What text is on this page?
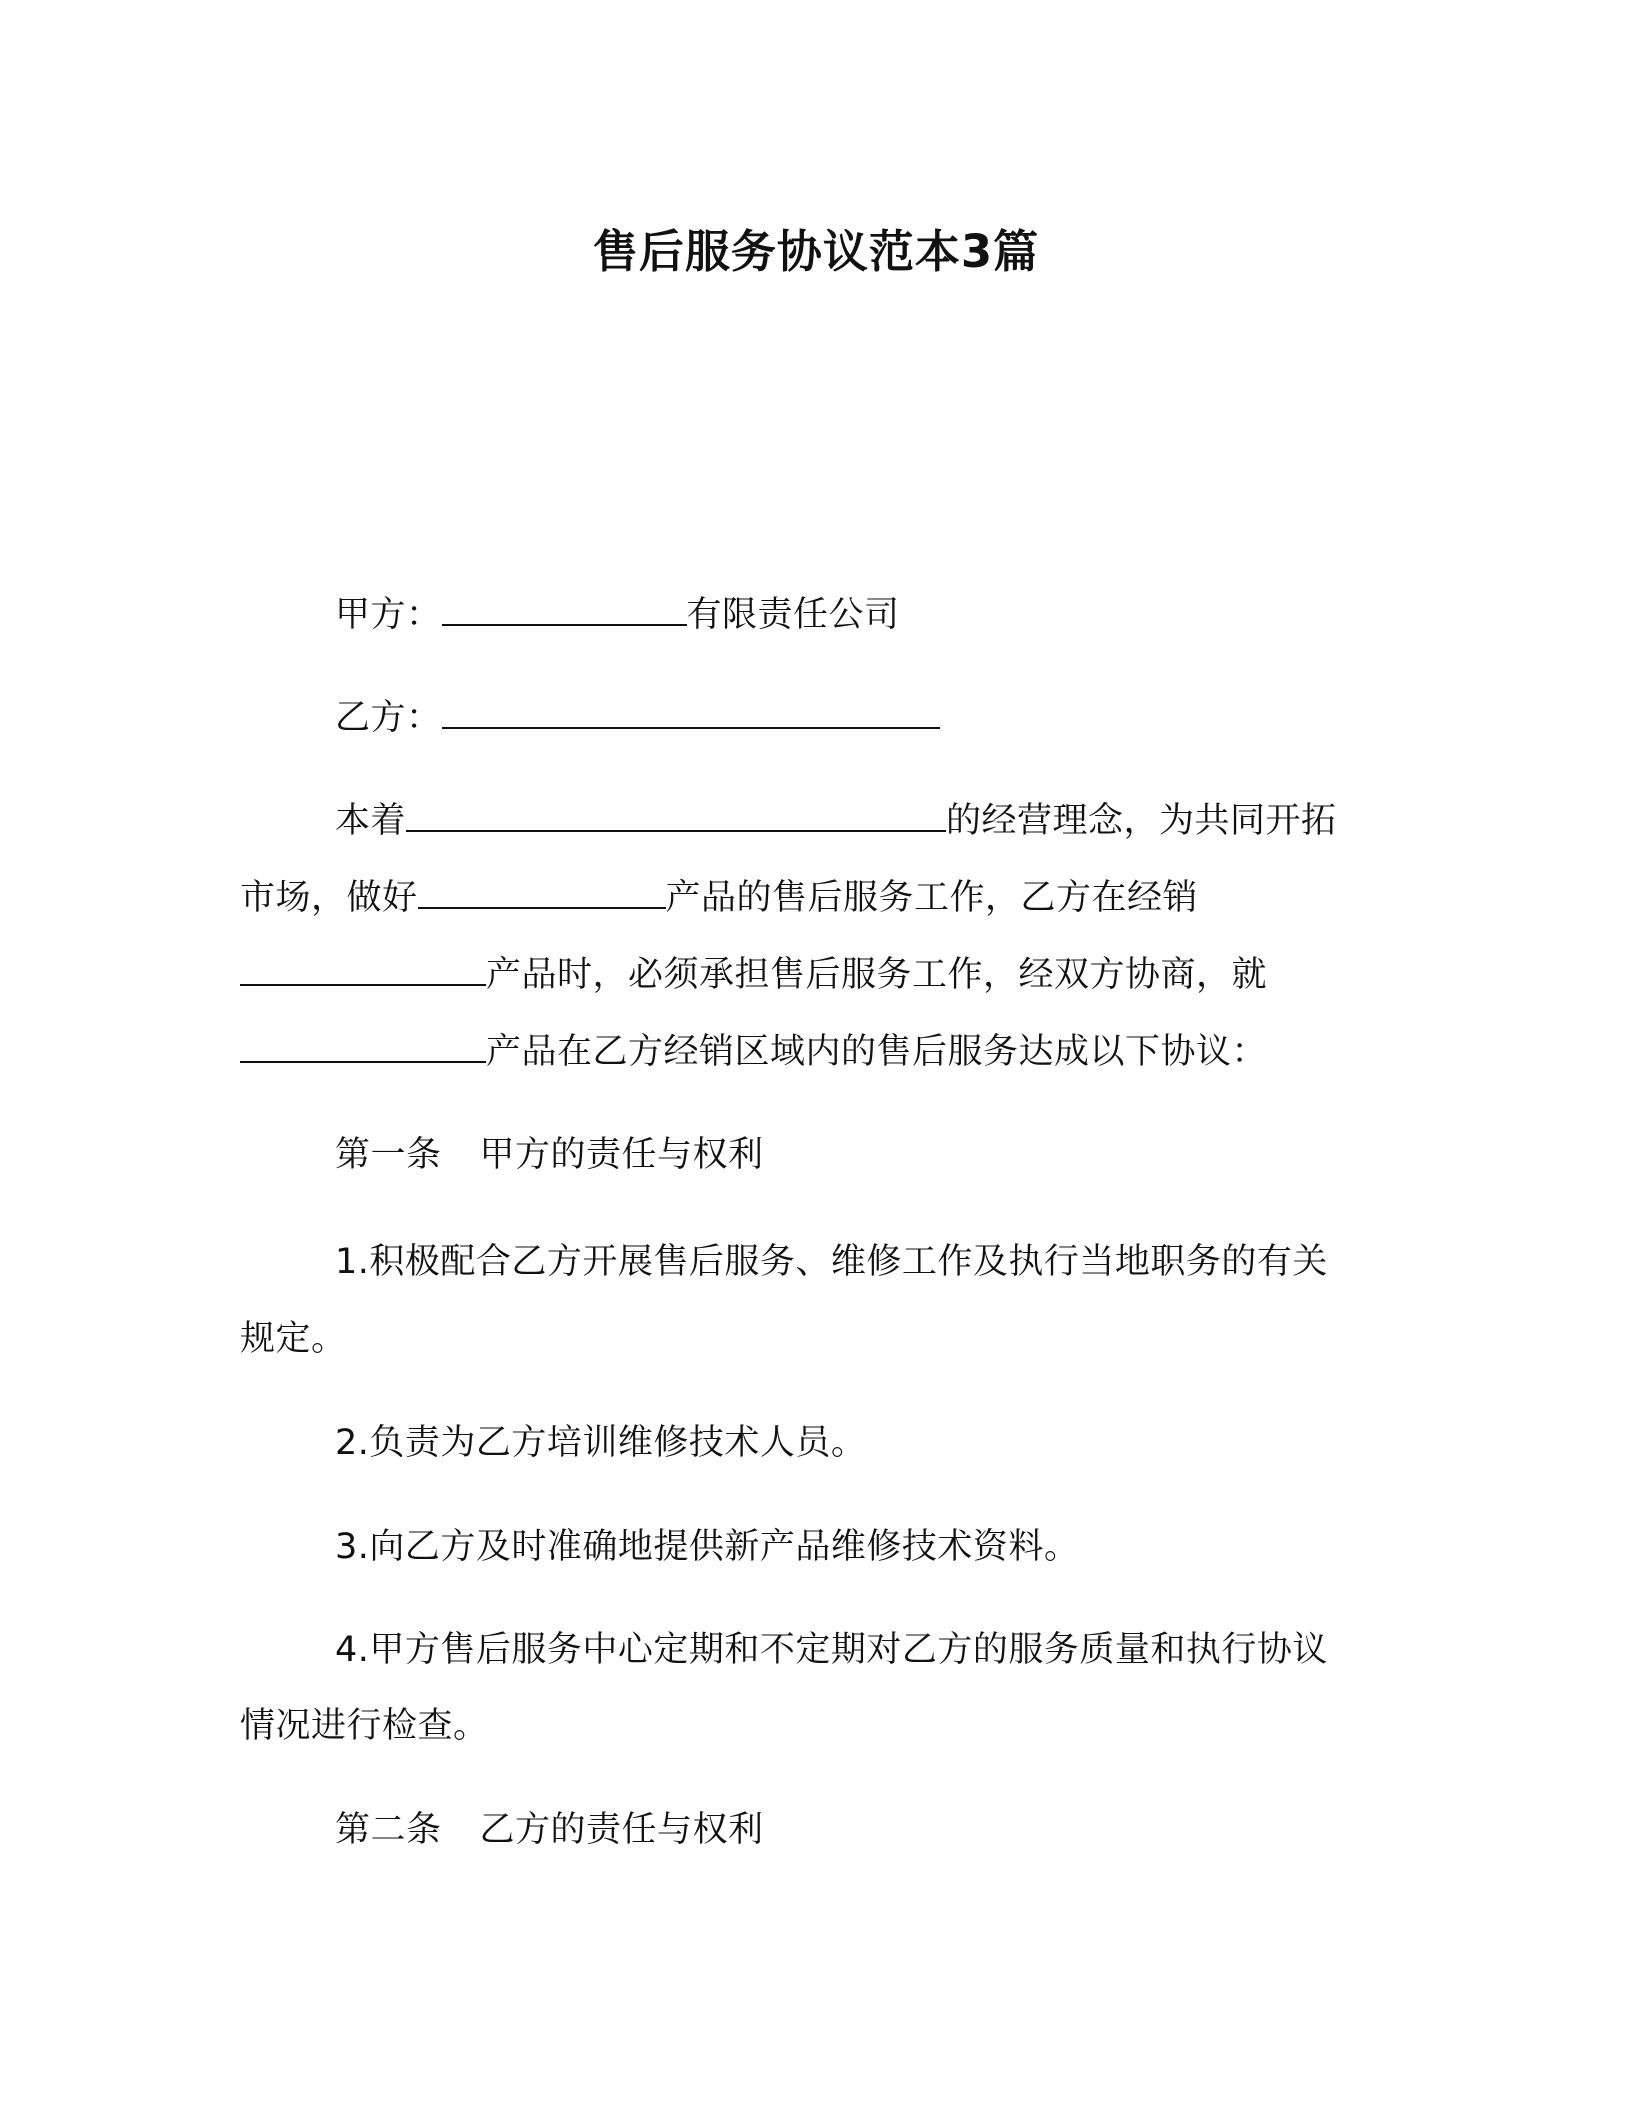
售后服务协议范本3篇
甲方：	有限责任公司
乙方：
本着	的经营理念，为共同开拓
市场，做好	产品的售后服务工作，乙方在经销
产品时，必须承担售后服务工作，经双方协商，就
产品在乙方经销区域内的售后服务达成以下协议：
第一条 甲方的责任与权利
1.积极配合乙方开展售后服务、维修工作及执行当地职务的有关
规定。
2.负责为乙方培训维修技术人员。
3.向乙方及时准确地提供新产品维修技术资料。
4.甲方售后服务中心定期和不定期对乙方的服务质量和执行协议
情况进行检查。
第二条 乙方的责任与权利
